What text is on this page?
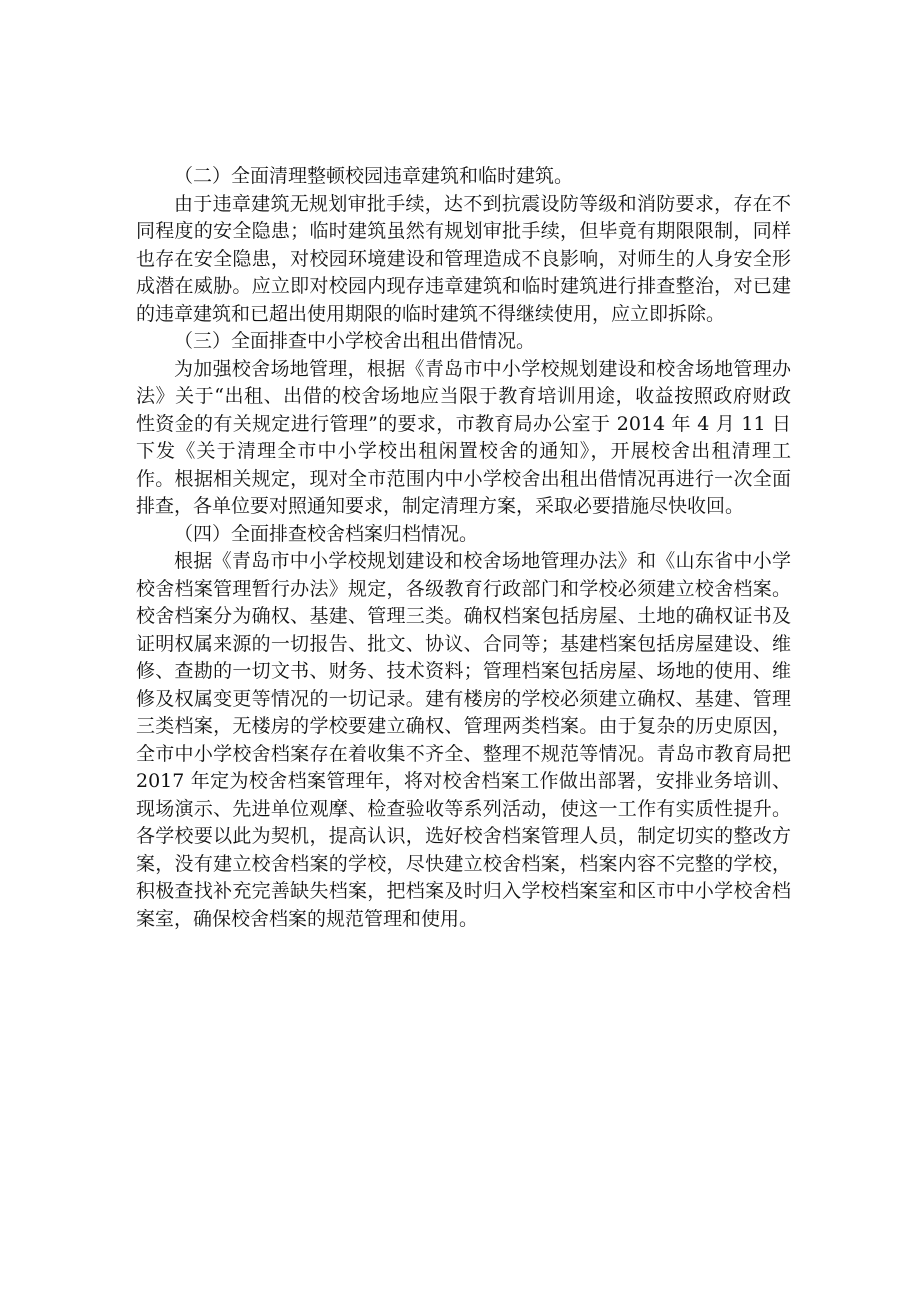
（二）全面清理整顿校园违章建筑和临时建筑。

由于违章建筑无规划审批手续，达不到抗震设防等级和消防要求，存在不同程度的安全隐患；临时建筑虽然有规划审批手续，但毕竟有期限限制，同样也存在安全隐患，对校园环境建设和管理造成不良影响，对师生的人身安全形成潜在威胁。应立即对校园内现存违章建筑和临时建筑进行排查整治，对已建的违章建筑和已超出使用期限的临时建筑不得继续使用，应立即拆除。

（三）全面排查中小学校舍出租出借情况。

为加强校舍场地管理，根据《青岛市中小学校规划建设和校舍场地管理办法》关于“出租、出借的校舍场地应当限于教育培训用途，收益按照政府财政性资金的有关规定进行管理”的要求，市教育局办公室于 2014 年 4 月 11 日下发《关于清理全市中小学校出租闲置校舍的通知》，开展校舍出租清理工作。根据相关规定，现对全市范围内中小学校舍出租出借情况再进行一次全面排查，各单位要对照通知要求，制定清理方案，采取必要措施尽快收回。

（四）全面排查校舍档案归档情况。

根据《青岛市中小学校规划建设和校舍场地管理办法》和《山东省中小学校舍档案管理暂行办法》规定，各级教育行政部门和学校必须建立校舍档案。校舍档案分为确权、基建、管理三类。确权档案包括房屋、土地的确权证书及证明权属来源的一切报告、批文、协议、合同等；基建档案包括房屋建设、维修、查勘的一切文书、财务、技术资料；管理档案包括房屋、场地的使用、维修及权属变更等情况的一切记录。建有楼房的学校必须建立确权、基建、管理三类档案，无楼房的学校要建立确权、管理两类档案。由于复杂的历史原因，全市中小学校舍档案存在着收集不齐全、整理不规范等情况。青岛市教育局把 2017 年定为校舍档案管理年，将对校舍档案工作做出部署，安排业务培训、现场演示、先进单位观摩、检查验收等系列活动，使这一工作有实质性提升。各学校要以此为契机，提高认识，选好校舍档案管理人员，制定切实的整改方案，没有建立校舍档案的学校，尽快建立校舍档案，档案内容不完整的学校，积极查找补充完善缺失档案，把档案及时归入学校档案室和区市中小学校舍档案室，确保校舍档案的规范管理和使用。
